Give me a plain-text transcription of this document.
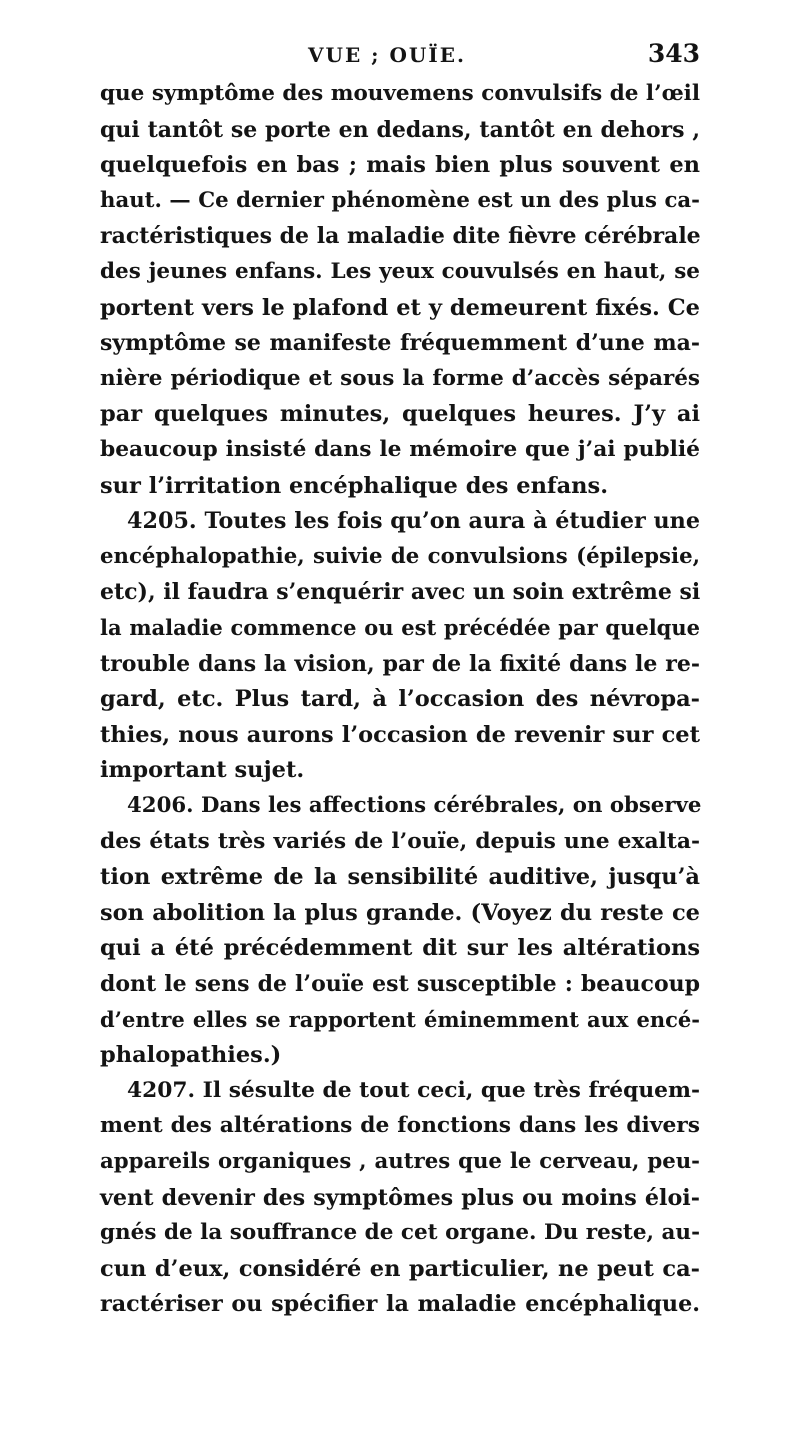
VUE ; OUÏE.	343
que symptôme des mouvemens convulsifs de l’œil
qui tantôt se porte en dedans, tantôt en dehors ,
quelquefois en bas ; mais bien plus souvent en
haut. — Ce dernier phénomène est un des plus ca-
ractéristiques de la maladie dite fièvre cérébrale
des jeunes enfans. Les yeux couvulsés en haut, se
portent vers le plafond et y demeurent fixés. Ce
symptôme se manifeste fréquemment d’une ma-
nière périodique et sous la forme d’accès séparés
par quelques minutes, quelques heures. J’y ai
beaucoup insisté dans le mémoire que j’ai publié
sur l’irritation encéphalique des enfans.
4205. Toutes les fois qu’on aura à étudier une
encéphalopathie, suivie de convulsions (épilepsie,
etc), il faudra s’enquérir avec un soin extrême si
la maladie commence ou est précédée par quelque
trouble dans la vision, par de la fixité dans le re-
gard, etc. Plus tard, à l’occasion des névropa-
thies, nous aurons l’occasion de revenir sur cet
important sujet.
4206. Dans les affections cérébrales, on observe
des états très variés de l’ouïe, depuis une exalta-
tion extrême de la sensibilité auditive, jusqu’à
son abolition la plus grande. (Voyez du reste ce
qui a été précédemment dit sur les altérations
dont le sens de l’ouïe est susceptible : beaucoup
d’entre elles se rapportent éminemment aux encé-
phalopathies.)
4207. Il sésulte de tout ceci, que très fréquem-
ment des altérations de fonctions dans les divers
appareils organiques , autres que le cerveau, peu-
vent devenir des symptômes plus ou moins éloi-
gnés de la souffrance de cet organe. Du reste, au-
cun d’eux, considéré en particulier, ne peut ca-
ractériser ou spécifier la maladie encéphalique.
